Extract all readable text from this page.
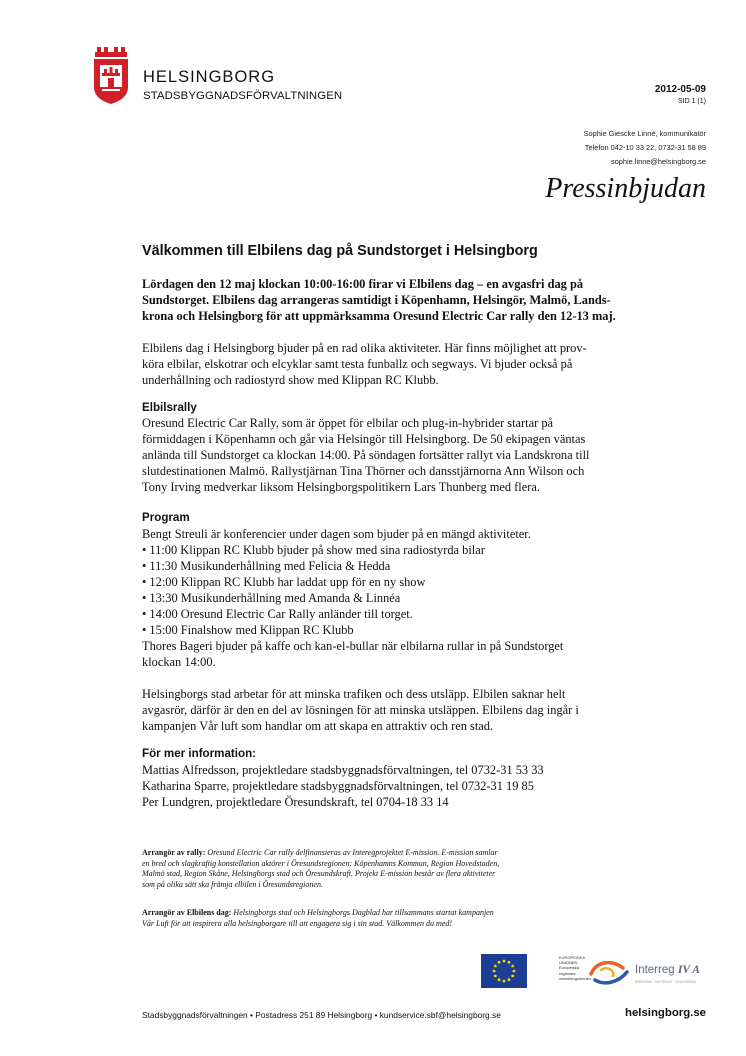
HELSINGBORG
STADSBYGGNADSFÖRVALTNINGEN
2012-05-09
SID 1 (1)
Sophie Giescke Linné, kommunikatör
Telefon 042-10 33 22, 0732-31 58 89
sophie.linne@helsingborg.se
Pressinbjudan
Välkommen till Elbilens dag på Sundstorget i Helsingborg
Lördagen den 12 maj klockan 10:00-16:00 firar vi Elbilens dag – en avgasfri dag på
Sundstorget. Elbilens dag arrangeras samtidigt i Köpenhamn, Helsingör, Malmö, Lands-
krona och Helsingborg för att uppmärksamma Oresund Electric Car rally den 12-13 maj.
Elbilens dag i Helsingborg bjuder på en rad olika aktiviteter. Här finns möjlighet att prov-
köra elbilar, elskotrar och elcyklar samt testa funballz och segways. Vi bjuder också på
underhållning och radiostyrd show med Klippan RC Klubb.
Elbilsrally
Oresund Electric Car Rally, som är öppet för elbilar och plug-in-hybrider startar på
förmiddagen i Köpenhamn och går via Helsingör till Helsingborg. De 50 ekipagen väntas
anlända till Sundstorget ca klockan 14:00. På söndagen fortsätter rallyt via Landskrona till
slutdestinationen Malmö. Rallystjärnan Tina Thörner och dansstjärnorna Ann Wilson och
Tony Irving medverkar liksom Helsingborgspolitikern Lars Thunberg med flera.
Program
Bengt Streuli är konferencier under dagen som bjuder på en mängd aktiviteter.
• 11:00 Klippan RC Klubb bjuder på show med sina radiostyrda bilar
• 11:30 Musikunderhållning med Felicia & Hedda
• 12:00 Klippan RC Klubb har laddat upp för en ny show
• 13:30 Musikunderhållning med Amanda & Linnéa
• 14:00 Oresund Electric Car Rally anländer till torget.
• 15:00 Finalshow med Klippan RC Klubb
Thores Bageri bjuder på kaffe och kan-el-bullar när elbilarna rullar in på Sundstorget
klockan 14:00.
Helsingborgs stad arbetar för att minska trafiken och dess utsläpp. Elbilen saknar helt
avgasrör, därför är den en del av lösningen för att minska utsläppen. Elbilens dag ingår i
kampanjen Vår luft som handlar om att skapa en attraktiv och ren stad.
För mer information:
Mattias Alfredsson, projektledare stadsbyggnadsförvaltningen, tel 0732-31 53 33
Katharina Sparre, projektledare stadsbyggnadsförvaltningen, tel 0732-31 19 85
Per Lundgren, projektledare Öresundskraft, tel 0704-18 33 14
Arrangör av rally: Oresund Electric Car rally delfinansieras av Interegprojektet E-mission. E-mission samlar
en bred och slagkraftig konstellation aktörer i Öresundsregionen: Köpenhamns Kommun, Region Hovedstaden,
Malmö stad, Region Skåne, Helsingborgs stad och Öresundskraft. Projekt E-mission består av flera aktiviteter
som på olika sätt ska främja elbilen i Öresundsregionen.
Arrangör av Elbilens dag: Helsingborgs stad och Helsingborgs Dagblad har tillsammans startat kampanjen
Vår Luft för att inspirera alla helsingborgare till att engagera sig i sin stad. Välkommen du med!
EUROPEISKA
UNIONEN
Europeiska
regionala
utvecklingsfonden
Interreg IV A
ØRESUND · KATTEGAT · SKAGERRAK
Stadsbyggnadsförvaltningen • Postadress 251 89 Helsingborg • kundservice.sbf@helsingborg.se	helsingborg.se
